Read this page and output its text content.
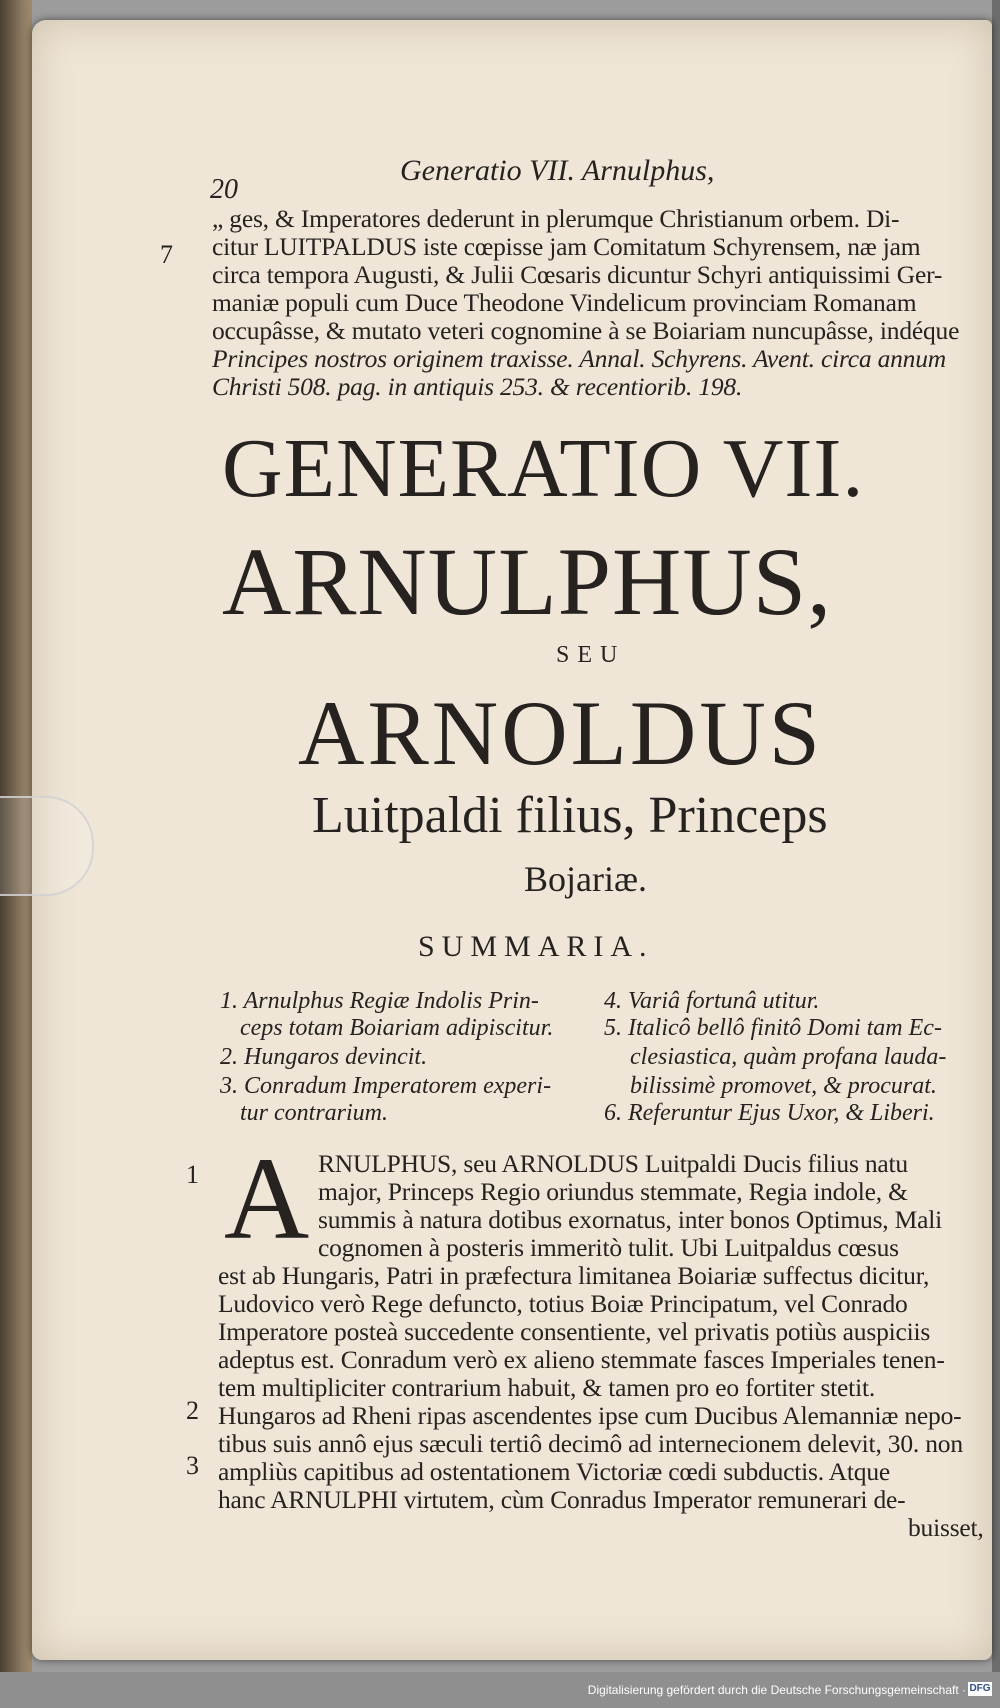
20
Generatio VII. Arnulphus,
7
„ ges, & Imperatores dederunt in plerumque Christianum orbem. Di-
citur LUITPALDUS iste cœpisse jam Comitatum Schyrensem, næ jam
circa tempora Augusti, & Julii Cœsaris dicuntur Schyri antiquissimi Ger-
maniæ populi cum Duce Theodone Vindelicum provinciam Romanam
occupâsse, & mutato veteri cognomine à se Boiariam nuncupâsse, indéque
Principes nostros originem traxisse. Annal. Schyrens. Avent. circa annum
Christi 508. pag. in antiquis 253. & recentiorib. 198.
GENERATIO VII.
ARNULPHUS,
SEU
ARNOLDUS
Luitpaldi filius, Princeps
Bojariæ.
SUMMARIA.
1. Arnulphus Regiæ Indolis Prin-
ceps totam Boiariam adipiscitur.
2. Hungaros devincit.
3. Conradum Imperatorem experi-
tur contrarium.
4. Variâ fortunâ utitur.
5. Italicô bellô finitô Domi tam Ec-
clesiastica, quàm profana lauda-
bilissimè promovet, & procurat.
6. Referuntur Ejus Uxor, & Liberi.
1
2
3
A RNULPHUS, seu ARNOLDUS Luitpaldi Ducis filius natu
major, Princeps Regio oriundus stemmate, Regia indole, &
summis à natura dotibus exornatus, inter bonos Optimus, Mali
cognomen à posteris immeritò tulit. Ubi Luitpaldus cœsus
est ab Hungaris, Patri in præfectura limitanea Boiariæ suffectus dicitur,
Ludovico verò Rege defuncto, totius Boiæ Principatum, vel Conrado
Imperatore posteà succedente consentiente, vel privatis potiùs auspiciis
adeptus est. Conradum verò ex alieno stemmate fasces Imperiales tenen-
tem multipliciter contrarium habuit, & tamen pro eo fortiter stetit.
Hungaros ad Rheni ripas ascendentes ipse cum Ducibus Alemanniæ nepo-
tibus suis annô ejus sæculi tertiô decimô ad internecionem delevit, 30. non
ampliùs capitibus ad ostentationem Victoriæ cœdi subductis. Atque
hanc ARNULPHI virtutem, cùm Conradus Imperator remunerari de-
buisset,
Digitalisierung gefördert durch die Deutsche Forschungsgemeinschaft · DFG
